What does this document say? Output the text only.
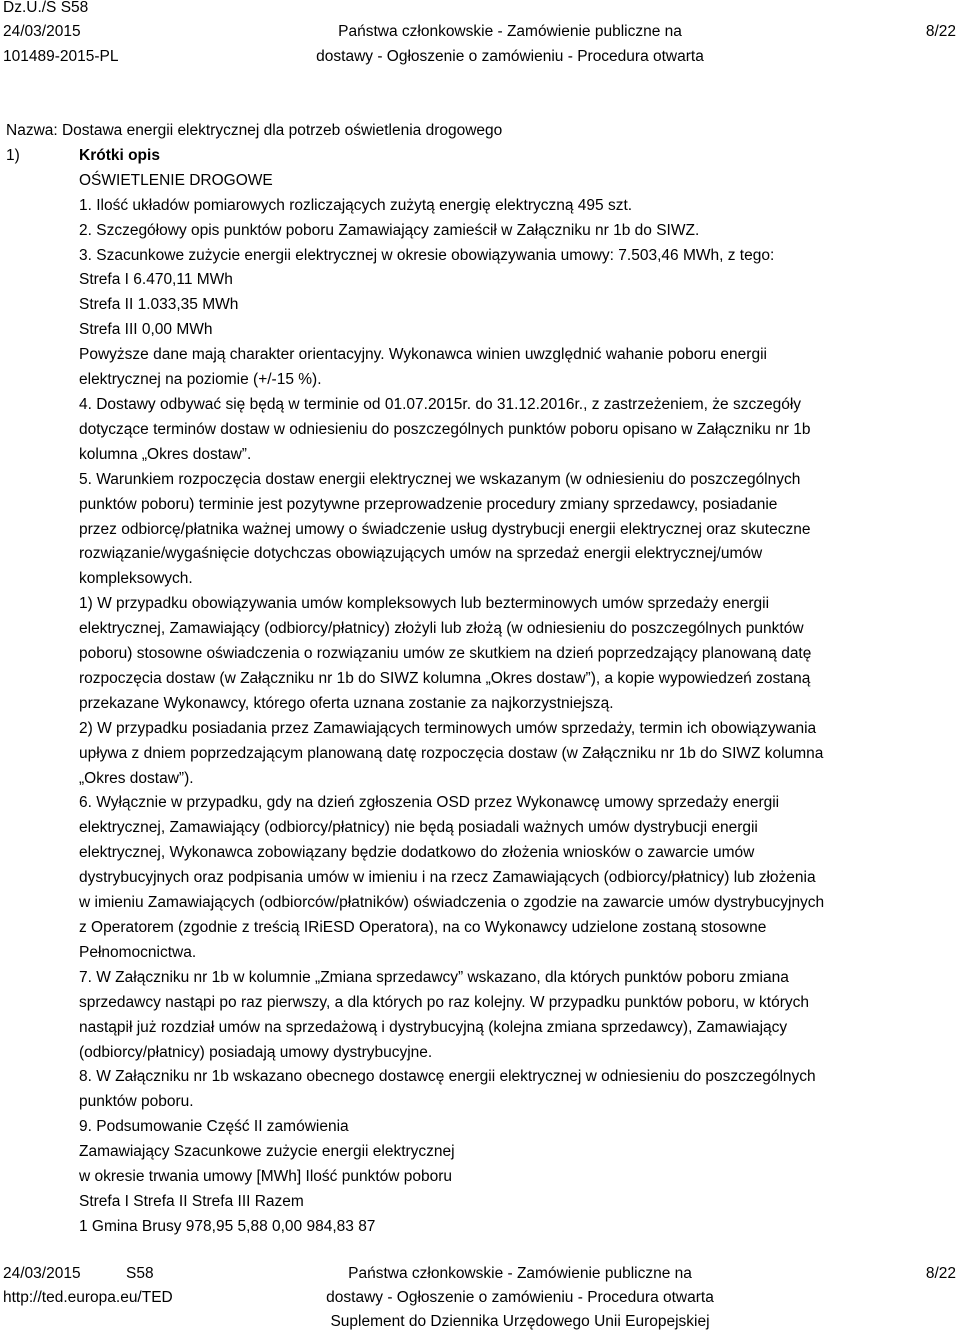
Dz.U./S S58
24/03/2015
101489-2015-PL
Państwa członkowskie - Zamówienie publiczne na
dostawy - Ogłoszenie o zamówieniu - Procedura otwarta
8/22
Nazwa: Dostawa energii elektrycznej dla potrzeb oświetlenia drogowego
1)	Krótki opis
OŚWIETLENIE DROGOWE
1. Ilość układów pomiarowych rozliczających zużytą energię elektryczną 495 szt.
2. Szczegółowy opis punktów poboru Zamawiający zamieścił w Załączniku nr 1b do SIWZ.
3. Szacunkowe zużycie energii elektrycznej w okresie obowiązywania umowy: 7.503,46 MWh, z tego:
Strefa I 6.470,11 MWh
Strefa II 1.033,35 MWh
Strefa III 0,00 MWh
Powyższe dane mają charakter orientacyjny. Wykonawca winien uwzględnić wahanie poboru energii
elektrycznej na poziomie (+/-15 %).
4. Dostawy odbywać się będą w terminie od 01.07.2015r. do 31.12.2016r., z zastrzeżeniem, że szczegóły
dotyczące terminów dostaw w odniesieniu do poszczególnych punktów poboru opisano w Załączniku nr 1b
kolumna „Okres dostaw”.
5. Warunkiem rozpoczęcia dostaw energii elektrycznej we wskazanym (w odniesieniu do poszczególnych
punktów poboru) terminie jest pozytywne przeprowadzenie procedury zmiany sprzedawcy, posiadanie
przez odbiorcę/płatnika ważnej umowy o świadczenie usług dystrybucji energii elektrycznej oraz skuteczne
rozwiązanie/wygaśnięcie dotychczas obowiązujących umów na sprzedaż energii elektrycznej/umów
kompleksowych.
1) W przypadku obowiązywania umów kompleksowych lub bezterminowych umów sprzedaży energii
elektrycznej, Zamawiający (odbiorcy/płatnicy) złożyli lub złożą (w odniesieniu do poszczególnych punktów
poboru) stosowne oświadczenia o rozwiązaniu umów ze skutkiem na dzień poprzedzający planowaną datę
rozpoczęcia dostaw (w Załączniku nr 1b do SIWZ kolumna „Okres dostaw”), a kopie wypowiedzeń zostaną
przekazane Wykonawcy, którego oferta uznana zostanie za najkorzystniejszą.
2) W przypadku posiadania przez Zamawiających terminowych umów sprzedaży, termin ich obowiązywania
upływa z dniem poprzedzającym planowaną datę rozpoczęcia dostaw (w Załączniku nr 1b do SIWZ kolumna
„Okres dostaw”).
6. Wyłącznie w przypadku, gdy na dzień zgłoszenia OSD przez Wykonawcę umowy sprzedaży energii
elektrycznej, Zamawiający (odbiorcy/płatnicy) nie będą posiadali ważnych umów dystrybucji energii
elektrycznej, Wykonawca zobowiązany będzie dodatkowo do złożenia wniosków o zawarcie umów
dystrybucyjnych oraz podpisania umów w imieniu i na rzecz Zamawiających (odbiorcy/płatnicy) lub złożenia
w imieniu Zamawiających (odbiorców/płatników) oświadczenia o zgodzie na zawarcie umów dystrybucyjnych
z Operatorem (zgodnie z treścią IRiESD Operatora), na co Wykonawcy udzielone zostaną stosowne
Pełnomocnictwa.
7. W Załączniku nr 1b w kolumnie „Zmiana sprzedawcy” wskazano, dla których punktów poboru zmiana
sprzedawcy nastąpi po raz pierwszy, a dla których po raz kolejny. W przypadku punktów poboru, w których
nastąpił już rozdział umów na sprzedażową i dystrybucyjną (kolejna zmiana sprzedawcy), Zamawiający
(odbiorcy/płatnicy) posiadają umowy dystrybucyjne.
8. W Załączniku nr 1b wskazano obecnego dostawcę energii elektrycznej w odniesieniu do poszczególnych
punktów poboru.
9. Podsumowanie Część II zamówienia
Zamawiający Szacunkowe zużycie energii elektrycznej
w okresie trwania umowy [MWh] Ilość punktów poboru
Strefa I Strefa II Strefa III Razem
1 Gmina Brusy 978,95 5,88 0,00 984,83 87
24/03/2015	S58
http://ted.europa.eu/TED
Państwa członkowskie - Zamówienie publiczne na
dostawy - Ogłoszenie o zamówieniu - Procedura otwarta
Suplement do Dziennika Urzędowego Unii Europejskiej
8/22
